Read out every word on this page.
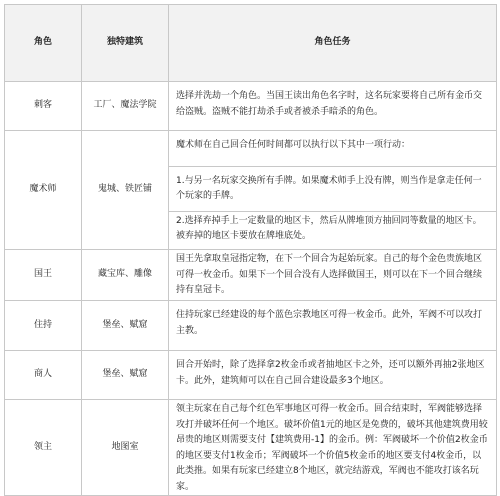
角色	独特建筑	角色任务
刺客	工厂、魔法学院	选择并洗劫一个角色。当国王读出角色名字时，这名玩家要将自己所有金币交给盗贼。盗贼不能打劫杀手或者被杀手暗杀的角色。

魔术师	鬼城、铁匠铺	魔术师在自己回合任何时间都可以执行以下其中一项行动：

1.与另一名玩家交换所有手牌。如果魔术师手上没有牌，则当作是拿走任何一个玩家的手牌。

2.选择弃掉手上一定数量的地区卡，然后从牌堆顶方抽回同等数量的地区卡。被弃掉的地区卡要放在牌堆底处。

国王	藏宝库、雕像	国王先拿取皇冠指定物，在下一个回合为起始玩家。自己的每个金色贵族地区可得一枚金币。如果下一个回合没有人选择做国王，则可以在下一个回合继续持有皇冠卡。

住持	堡垒、赋窟	住持玩家已经建设的每个蓝色宗教地区可得一枚金币。此外，军阀不可以攻打主教。

商人	堡垒、赋窟	回合开始时，除了选择拿2枚金币或者抽地区卡之外，还可以额外再抽2张地区卡。此外，建筑师可以在自己回合建设最多3个地区。

领主	地图室	领主玩家在自己每个红色军事地区可得一枚金币。回合结束时，军阀能够选择攻打并破坏任何一个地区。破坏价值1元的地区是免费的，破坏其他建筑费用较昂贵的地区则需要支付【建筑费用-1】的金币。例：军阀破坏一个价值2枚金币的地区要支付1枚金币；军阀破坏一个价值5枚金币的地区要支付4枚金币，以此类推。如果有玩家已经建立8个地区，就完结游戏，军阀也不能攻打该名玩家。
